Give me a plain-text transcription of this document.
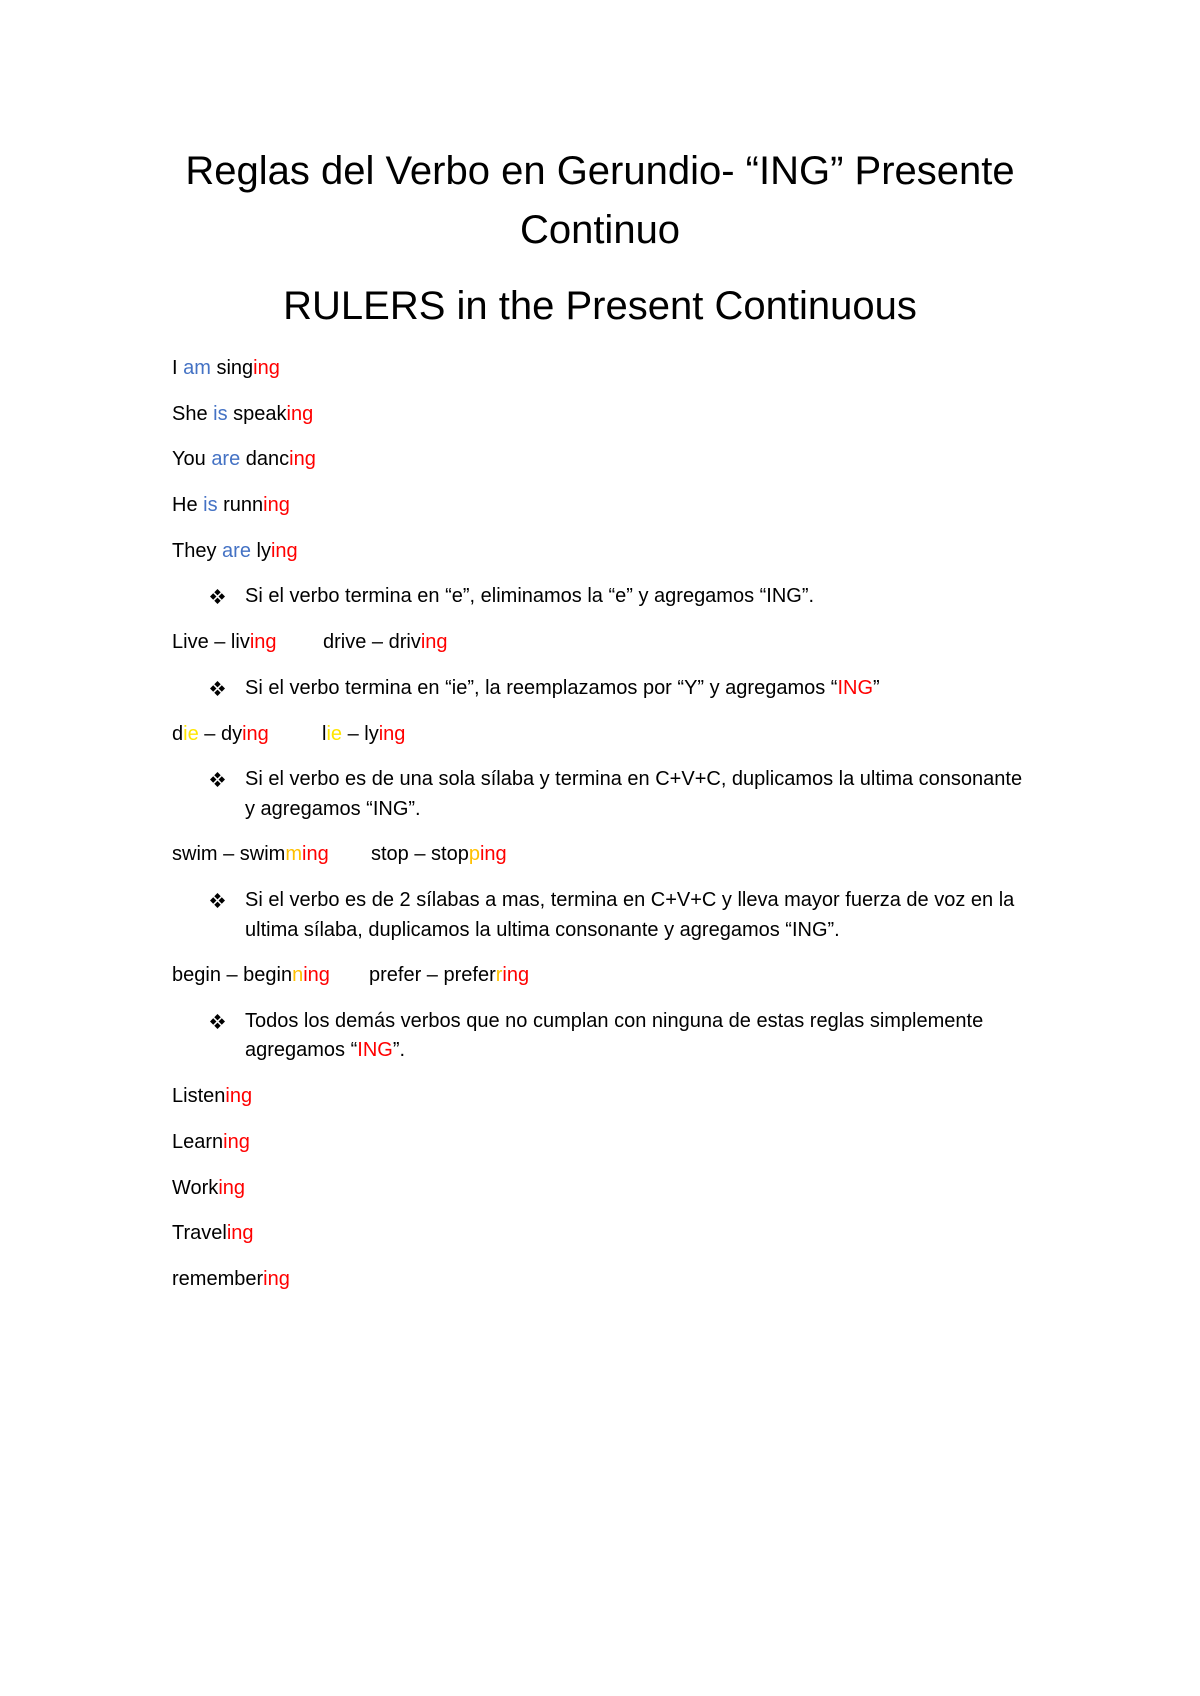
Reglas del Verbo en Gerundio- “ING” Presente
Continuo
RULERS in the Present Continuous

I am singing

She is speaking

You are dancing

He is running

They are lying

Si el verbo termina en “e”, eliminamos la “e” y agregamos “ING”.

Live – living drive – driving

Si el verbo termina en “ie”, la reemplazamos por “Y” y agregamos “ING”

die – dying	lie – lying

Si el verbo es de una sola sílaba y termina en C+V+C, duplicamos la ultima consonante
y agregamos “ING”.

swim – swimming stop – stopping

Si el verbo es de 2 sílabas a mas, termina en C+V+C y lleva mayor fuerza de voz en la
ultima sílaba, duplicamos la ultima consonante y agregamos “ING”.

begin – beginning prefer – preferring

Todos los demás verbos que no cumplan con ninguna de estas reglas simplemente
agregamos “ING”.

Listening

Learning

Working

Traveling

remembering
